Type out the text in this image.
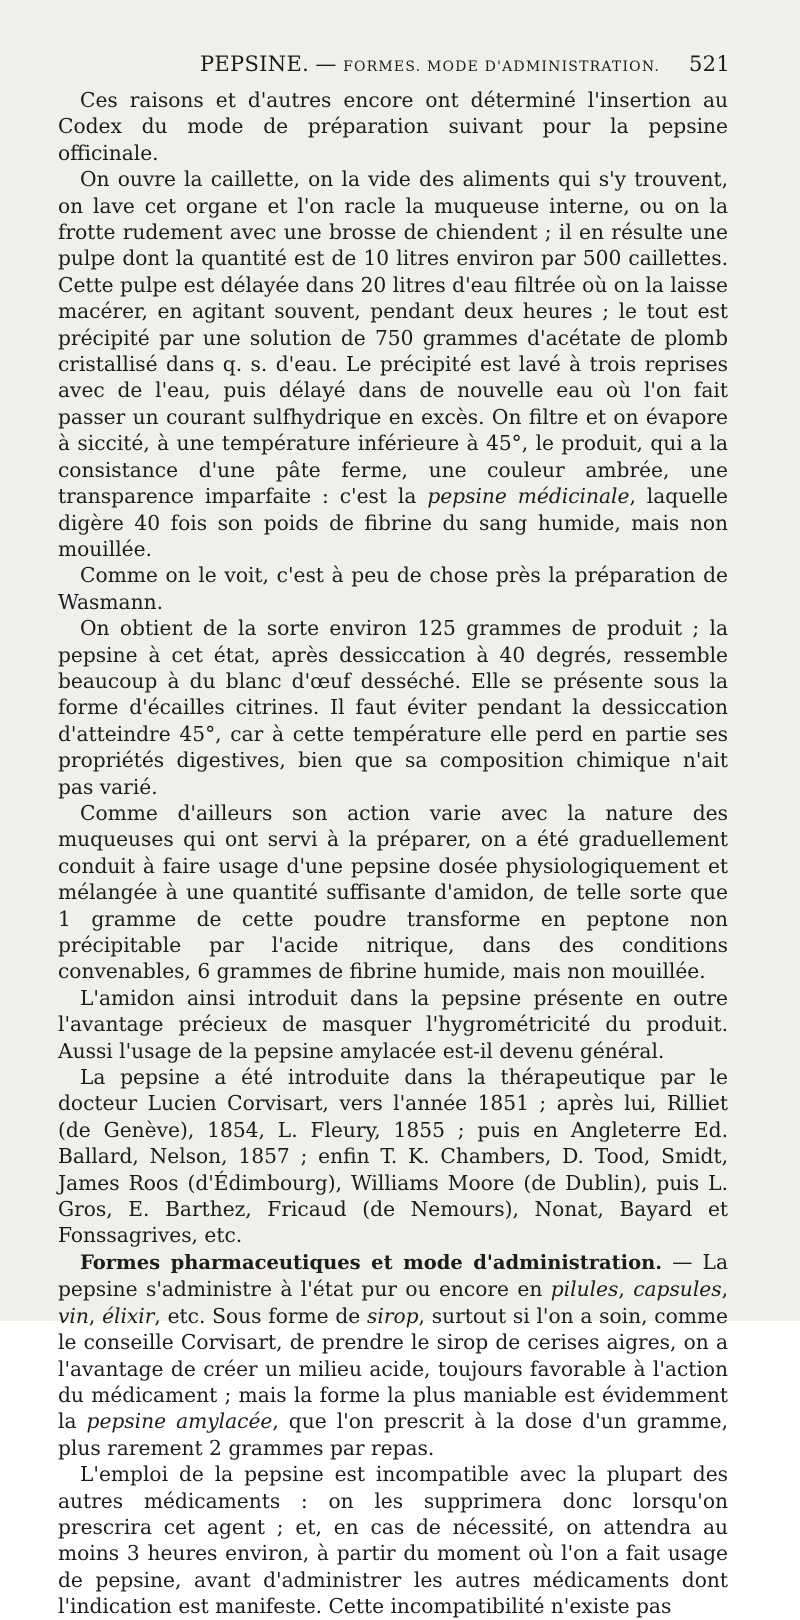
PEPSINE. — FORMES. MODE D'ADMINISTRATION. 521

Ces raisons et d'autres encore ont déterminé l'insertion au Codex du mode de préparation suivant pour la pepsine officinale.

On ouvre la caillette, on la vide des aliments qui s'y trouvent, on lave cet organe et l'on racle la muqueuse interne, ou on la frotte rudement avec une brosse de chiendent ; il en résulte une pulpe dont la quantité est de 10 litres environ par 500 caillettes. Cette pulpe est délayée dans 20 litres d'eau filtrée où on la laisse macérer, en agitant souvent, pendant deux heures ; le tout est précipité par une solution de 750 grammes d'acétate de plomb cristallisé dans q. s. d'eau. Le précipité est lavé à trois reprises avec de l'eau, puis délayé dans de nouvelle eau où l'on fait passer un courant sulfhydrique en excès. On filtre et on évapore à siccité, à une température inférieure à 45°, le produit, qui a la consistance d'une pâte ferme, une couleur ambrée, une transparence imparfaite : c'est la pepsine médicinale, laquelle digère 40 fois son poids de fibrine du sang humide, mais non mouillée.

Comme on le voit, c'est à peu de chose près la préparation de Wasmann.

On obtient de la sorte environ 125 grammes de produit ; la pepsine à cet état, après dessiccation à 40 degrés, ressemble beaucoup à du blanc d'œuf desséché. Elle se présente sous la forme d'écailles citrines. Il faut éviter pendant la dessiccation d'atteindre 45°, car à cette température elle perd en partie ses propriétés digestives, bien que sa composition chimique n'ait pas varié.

Comme d'ailleurs son action varie avec la nature des muqueuses qui ont servi à la préparer, on a été graduellement conduit à faire usage d'une pepsine dosée physiologiquement et mélangée à une quantité suffisante d'amidon, de telle sorte que 1 gramme de cette poudre transforme en peptone non précipitable par l'acide nitrique, dans des conditions convenables, 6 grammes de fibrine humide, mais non mouillée.

L'amidon ainsi introduit dans la pepsine présente en outre l'avantage précieux de masquer l'hygrométricité du produit. Aussi l'usage de la pepsine amylacée est-il devenu général.

La pepsine a été introduite dans la thérapeutique par le docteur Lucien Corvisart, vers l'année 1851 ; après lui, Rilliet (de Genève), 1854, L. Fleury, 1855 ; puis en Angleterre Ed. Ballard, Nelson, 1857 ; enfin T. K. Chambers, D. Tood, Smidt, James Roos (d'Édimbourg), Williams Moore (de Dublin), puis L. Gros, E. Barthez, Fricaud (de Nemours), Nonat, Bayard et Fonssagrives, etc.

Formes pharmaceutiques et mode d'administration. — La pepsine s'administre à l'état pur ou encore en pilules, capsules, vin, élixir, etc. Sous forme de sirop, surtout si l'on a soin, comme le conseille Corvisart, de prendre le sirop de cerises aigres, on a l'avantage de créer un milieu acide, toujours favorable à l'action du médicament ; mais la forme la plus maniable est évidemment la pepsine amylacée, que l'on prescrit à la dose d'un gramme, plus rarement 2 grammes par repas.

L'emploi de la pepsine est incompatible avec la plupart des autres médicaments : on les supprimera donc lorsqu'on prescrira cet agent ; et, en cas de nécessité, on attendra au moins 3 heures environ, à partir du moment où l'on a fait usage de pepsine, avant d'administrer les autres médicaments dont l'indication est manifeste. Cette incompatibilité n'existe pas
